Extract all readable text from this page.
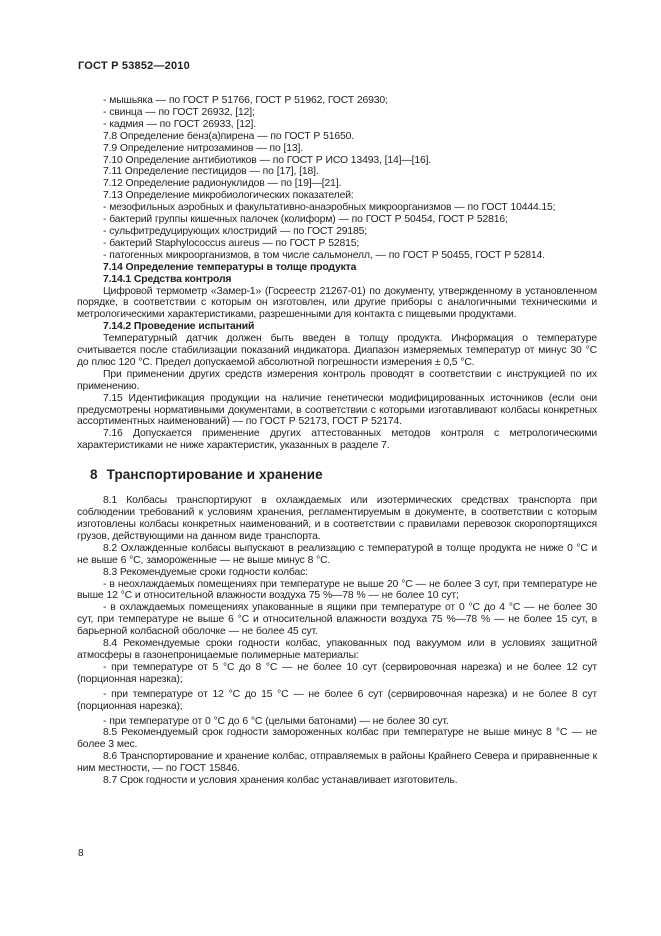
ГОСТ Р 53852—2010

- мышьяка — по ГОСТ Р 51766, ГОСТ Р 51962, ГОСТ 26930;

- свинца — по ГОСТ 26932, [12];

- кадмия — по ГОСТ 26933, [12].

7.8 Определение бенз(а)пирена — по ГОСТ Р 51650.

7.9 Определение нитрозаминов — по [13].

7.10 Определение антибиотиков — по ГОСТ Р ИСО 13493, [14]—[16].

7.11 Определение пестицидов — по [17], [18].

7.12 Определение радионуклидов — по [19]—[21].

7.13 Определение микробиологических показателей:

- мезофильных аэробных и факультативно-анаэробных микроорганизмов — по ГОСТ 10444.15;

- бактерий группы кишечных палочек (колиформ) — по ГОСТ Р 50454, ГОСТ Р 52816;

- сульфитредуцирующих клостридий — по ГОСТ 29185;

- бактерий Staphylococcus aureus — по ГОСТ Р 52815;

- патогенных микроорганизмов, в том числе сальмонелл, — по ГОСТ Р 50455, ГОСТ Р 52814.

7.14 Определение температуры в толще продукта

7.14.1 Средства контроля

Цифровой термометр «Замер-1» (Госреестр 21267-01) по документу, утвержденному в установленном порядке, в соответствии с которым он изготовлен, или другие приборы с аналогичными техническими и метрологическими характеристиками, разрешенными для контакта с пищевыми продуктами.

7.14.2 Проведение испытаний

Температурный датчик должен быть введен в толщу продукта. Информация о температуре считывается после стабилизации показаний индикатора. Диапазон измеряемых температур от минус 30 °С до плюс 120 °С. Предел допускаемой абсолютной погрешности измерения ± 0,5 °С.

При применении других средств измерения контроль проводят в соответствии с инструкцией по их применению.

7.15 Идентификация продукции на наличие генетически модифицированных источников (если они предусмотрены нормативными документами, в соответствии с которыми изготавливают колбасы конкретных ассортиментных наименований) — по ГОСТ Р 52173, ГОСТ Р 52174.

7.16 Допускается применение других аттестованных методов контроля с метрологическими характеристиками не ниже характеристик, указанных в разделе 7.

8 Транспортирование и хранение

8.1 Колбасы транспортируют в охлаждаемых или изотермических средствах транспорта при соблюдении требований к условиям хранения, регламентируемым в документе, в соответствии с которым изготовлены колбасы конкретных наименований, и в соответствии с правилами перевозок скоропортящихся грузов, действующими на данном виде транспорта.

8.2 Охлажденные колбасы выпускают в реализацию с температурой в толще продукта не ниже 0 °С и не выше 6 °С, замороженные — не выше минус 8 °С.

8.3 Рекомендуемые сроки годности колбас:

- в неохлаждаемых помещениях при температуре не выше 20 °С — не более 3 сут, при температуре не выше 12 °С и относительной влажности воздуха 75 %—78 % — не более 10 сут;

- в охлаждаемых помещениях упакованные в ящики при температуре от 0 °С до 4 °С — не более 30 сут, при температуре не выше 6 °С и относительной влажности воздуха 75 %—78 % — не более 15 сут, в барьерной колбасной оболочке — не более 45 сут.

8.4 Рекомендуемые сроки годности колбас, упакованных под вакуумом или в условиях защитной атмосферы в газонепроницаемые полимерные материалы:

- при температуре от 5 °С до 8 °С — не более 10 сут (сервировочная нарезка) и не более 12 сут (порционная нарезка);

- при температуре от 12 °С до 15 °С — не более 6 сут (сервировочная нарезка) и не более 8 сут (порционная нарезка);

- при температуре от 0 °С до 6 °С (целыми батонами) — не более 30 сут.

8.5 Рекомендуемый срок годности замороженных колбас при температуре не выше минус 8 °С — не более 3 мес.

8.6 Транспортирование и хранение колбас, отправляемых в районы Крайнего Севера и приравненные к ним местности, — по ГОСТ 15846.

8.7 Срок годности и условия хранения колбас устанавливает изготовитель.

8
